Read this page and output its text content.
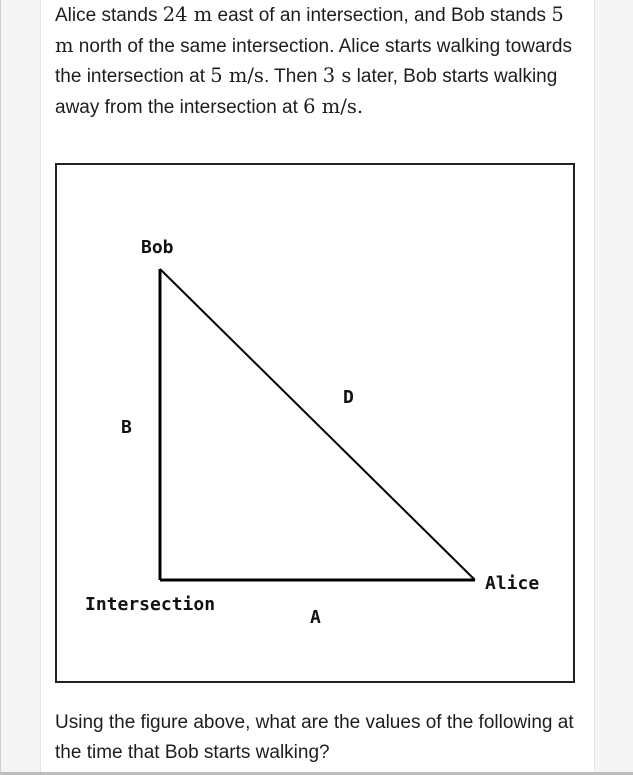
Alice stands 24 m east of an intersection, and Bob stands 5 m north of the same intersection. Alice starts walking towards the intersection at 5 m/s. Then 3 s later, Bob starts walking away from the intersection at 6 m/s.

Bob
Alice
Intersection
A
B
D

Using the figure above, what are the values of the following at the time that Bob starts walking?
